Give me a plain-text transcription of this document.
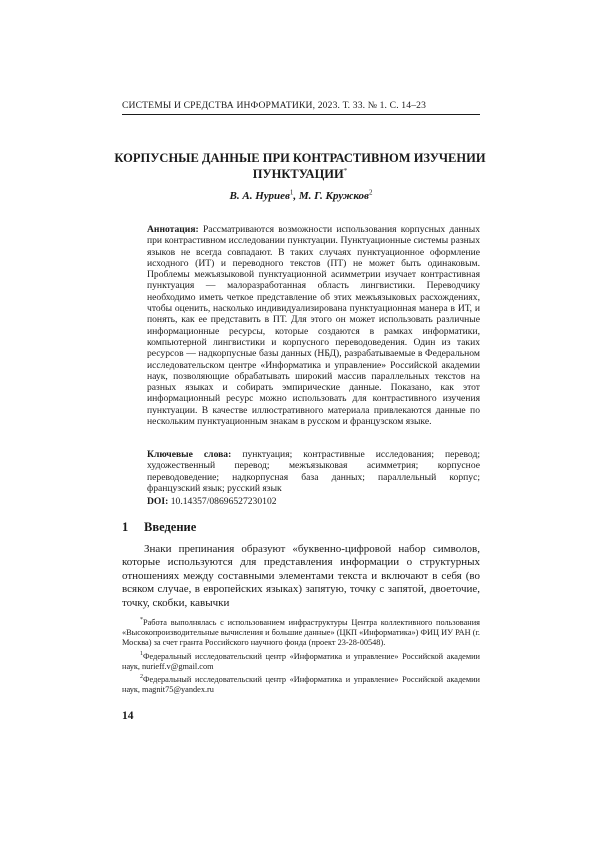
СИСТЕМЫ И СРЕДСТВА ИНФОРМАТИКИ, 2023. Т. 33. № 1. С. 14–23
КОРПУСНЫЕ ДАННЫЕ ПРИ КОНТРАСТИВНОМ ИЗУЧЕНИИ ПУНКТУАЦИИ*
В. А. Нуриев1, М. Г. Кружков2
Аннотация: Рассматриваются возможности использования корпусных данных при контрастивном исследовании пунктуации. Пунктуационные системы разных языков не всегда совпадают. В таких случаях пунктуационное оформление исходного (ИТ) и переводного текстов (ПТ) не может быть одинаковым. Проблемы межъязыковой пунктуационной асимметрии изучает контрастивная пунктуация — малоразработанная область лингвистики. Переводчику необходимо иметь четкое представление об этих межъязыковых расхождениях, чтобы оценить, насколько индивидуализирована пунктуационная манера в ИТ, и понять, как ее представить в ПТ. Для этого он может использовать различные информационные ресурсы, которые создаются в рамках информатики, компьютерной лингвистики и корпусного переводоведения. Один из таких ресурсов — надкорпусные базы данных (НБД), разрабатываемые в Федеральном исследовательском центре «Информатика и управление» Российской академии наук, позволяющие обрабатывать широкий массив параллельных текстов на разных языках и собирать эмпирические данные. Показано, как этот информационный ресурс можно использовать для контрастивного изучения пунктуации. В качестве иллюстративного материала привлекаются данные по нескольким пунктуационным знакам в русском и французском языке.
Ключевые слова: пунктуация; контрастивные исследования; перевод; художественный перевод; межъязыковая асимметрия; корпусное переводоведение; надкорпусная база данных; параллельный корпус; французский язык; русский язык
DOI: 10.14357/08696527230102
1 Введение
Знаки препинания образуют «буквенно-цифровой набор символов, которые используются для представления информации о структурных отношениях между составными элементами текста и включают в себя (во всяком случае, в европейских языках) запятую, точку с запятой, двоеточие, точку, скобки, кавычки

*Работа выполнялась с использованием инфраструктуры Центра коллективного пользования «Высокопроизводительные вычисления и большие данные» (ЦКП «Информатика») ФИЦ ИУ РАН (г. Москва) за счет гранта Российского научного фонда (проект 23-28-00548).

1Федеральный исследовательский центр «Информатика и управление» Российской академии наук, nurieff.v@gmail.com

2Федеральный исследовательский центр «Информатика и управление» Российской академии наук, magnit75@yandex.ru

14
